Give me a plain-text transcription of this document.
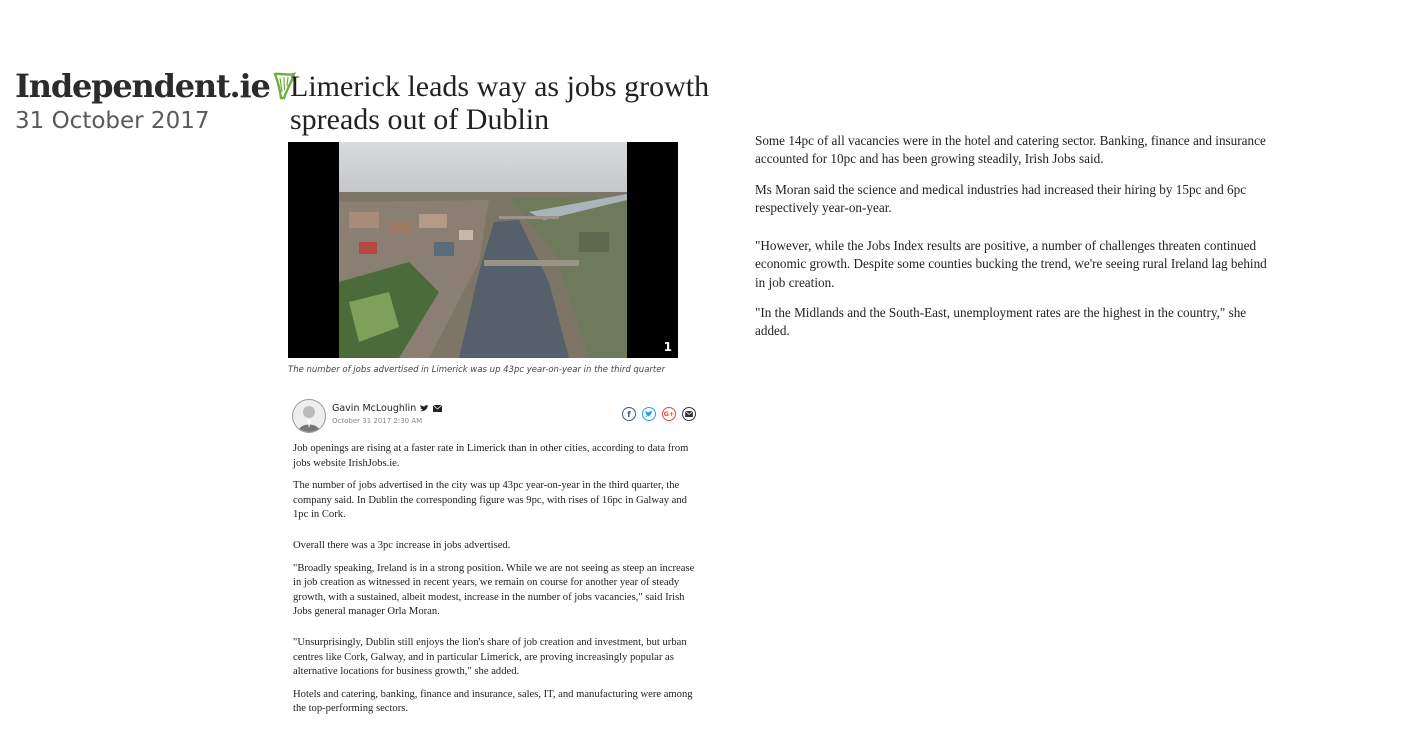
Independent.ie
31 October 2017
Limerick leads way as jobs growth spreads out of Dublin
1
The number of jobs advertised in Limerick was up 43pc year-on-year in the third quarter
Gavin McLoughlin
October 31 2017 2:30 AM
f	G+

Job openings are rising at a faster rate in Limerick than in other cities, according to data from jobs website IrishJobs.ie.

The number of jobs advertised in the city was up 43pc year-on-year in the third quarter, the company said. In Dublin the corresponding figure was 9pc, with rises of 16pc in Galway and 1pc in Cork.

Overall there was a 3pc increase in jobs advertised.

"Broadly speaking, Ireland is in a strong position. While we are not seeing as steep an increase in job creation as witnessed in recent years, we remain on course for another year of steady growth, with a sustained, albeit modest, increase in the number of jobs vacancies," said Irish Jobs general manager Orla Moran.

"Unsurprisingly, Dublin still enjoys the lion's share of job creation and investment, but urban centres like Cork, Galway, and in particular Limerick, are proving increasingly popular as alternative locations for business growth," she added.

Hotels and catering, banking, finance and insurance, sales, IT, and manufacturing were among the top-performing sectors.

Some 14pc of all vacancies were in the hotel and catering sector. Banking, finance and insurance accounted for 10pc and has been growing steadily, Irish Jobs said.

Ms Moran said the science and medical industries had increased their hiring by 15pc and 6pc respectively year-on-year.

"However, while the Jobs Index results are positive, a number of challenges threaten continued economic growth. Despite some counties bucking the trend, we're seeing rural Ireland lag behind in job creation.

"In the Midlands and the South-East, unemployment rates are the highest in the country," she added.
